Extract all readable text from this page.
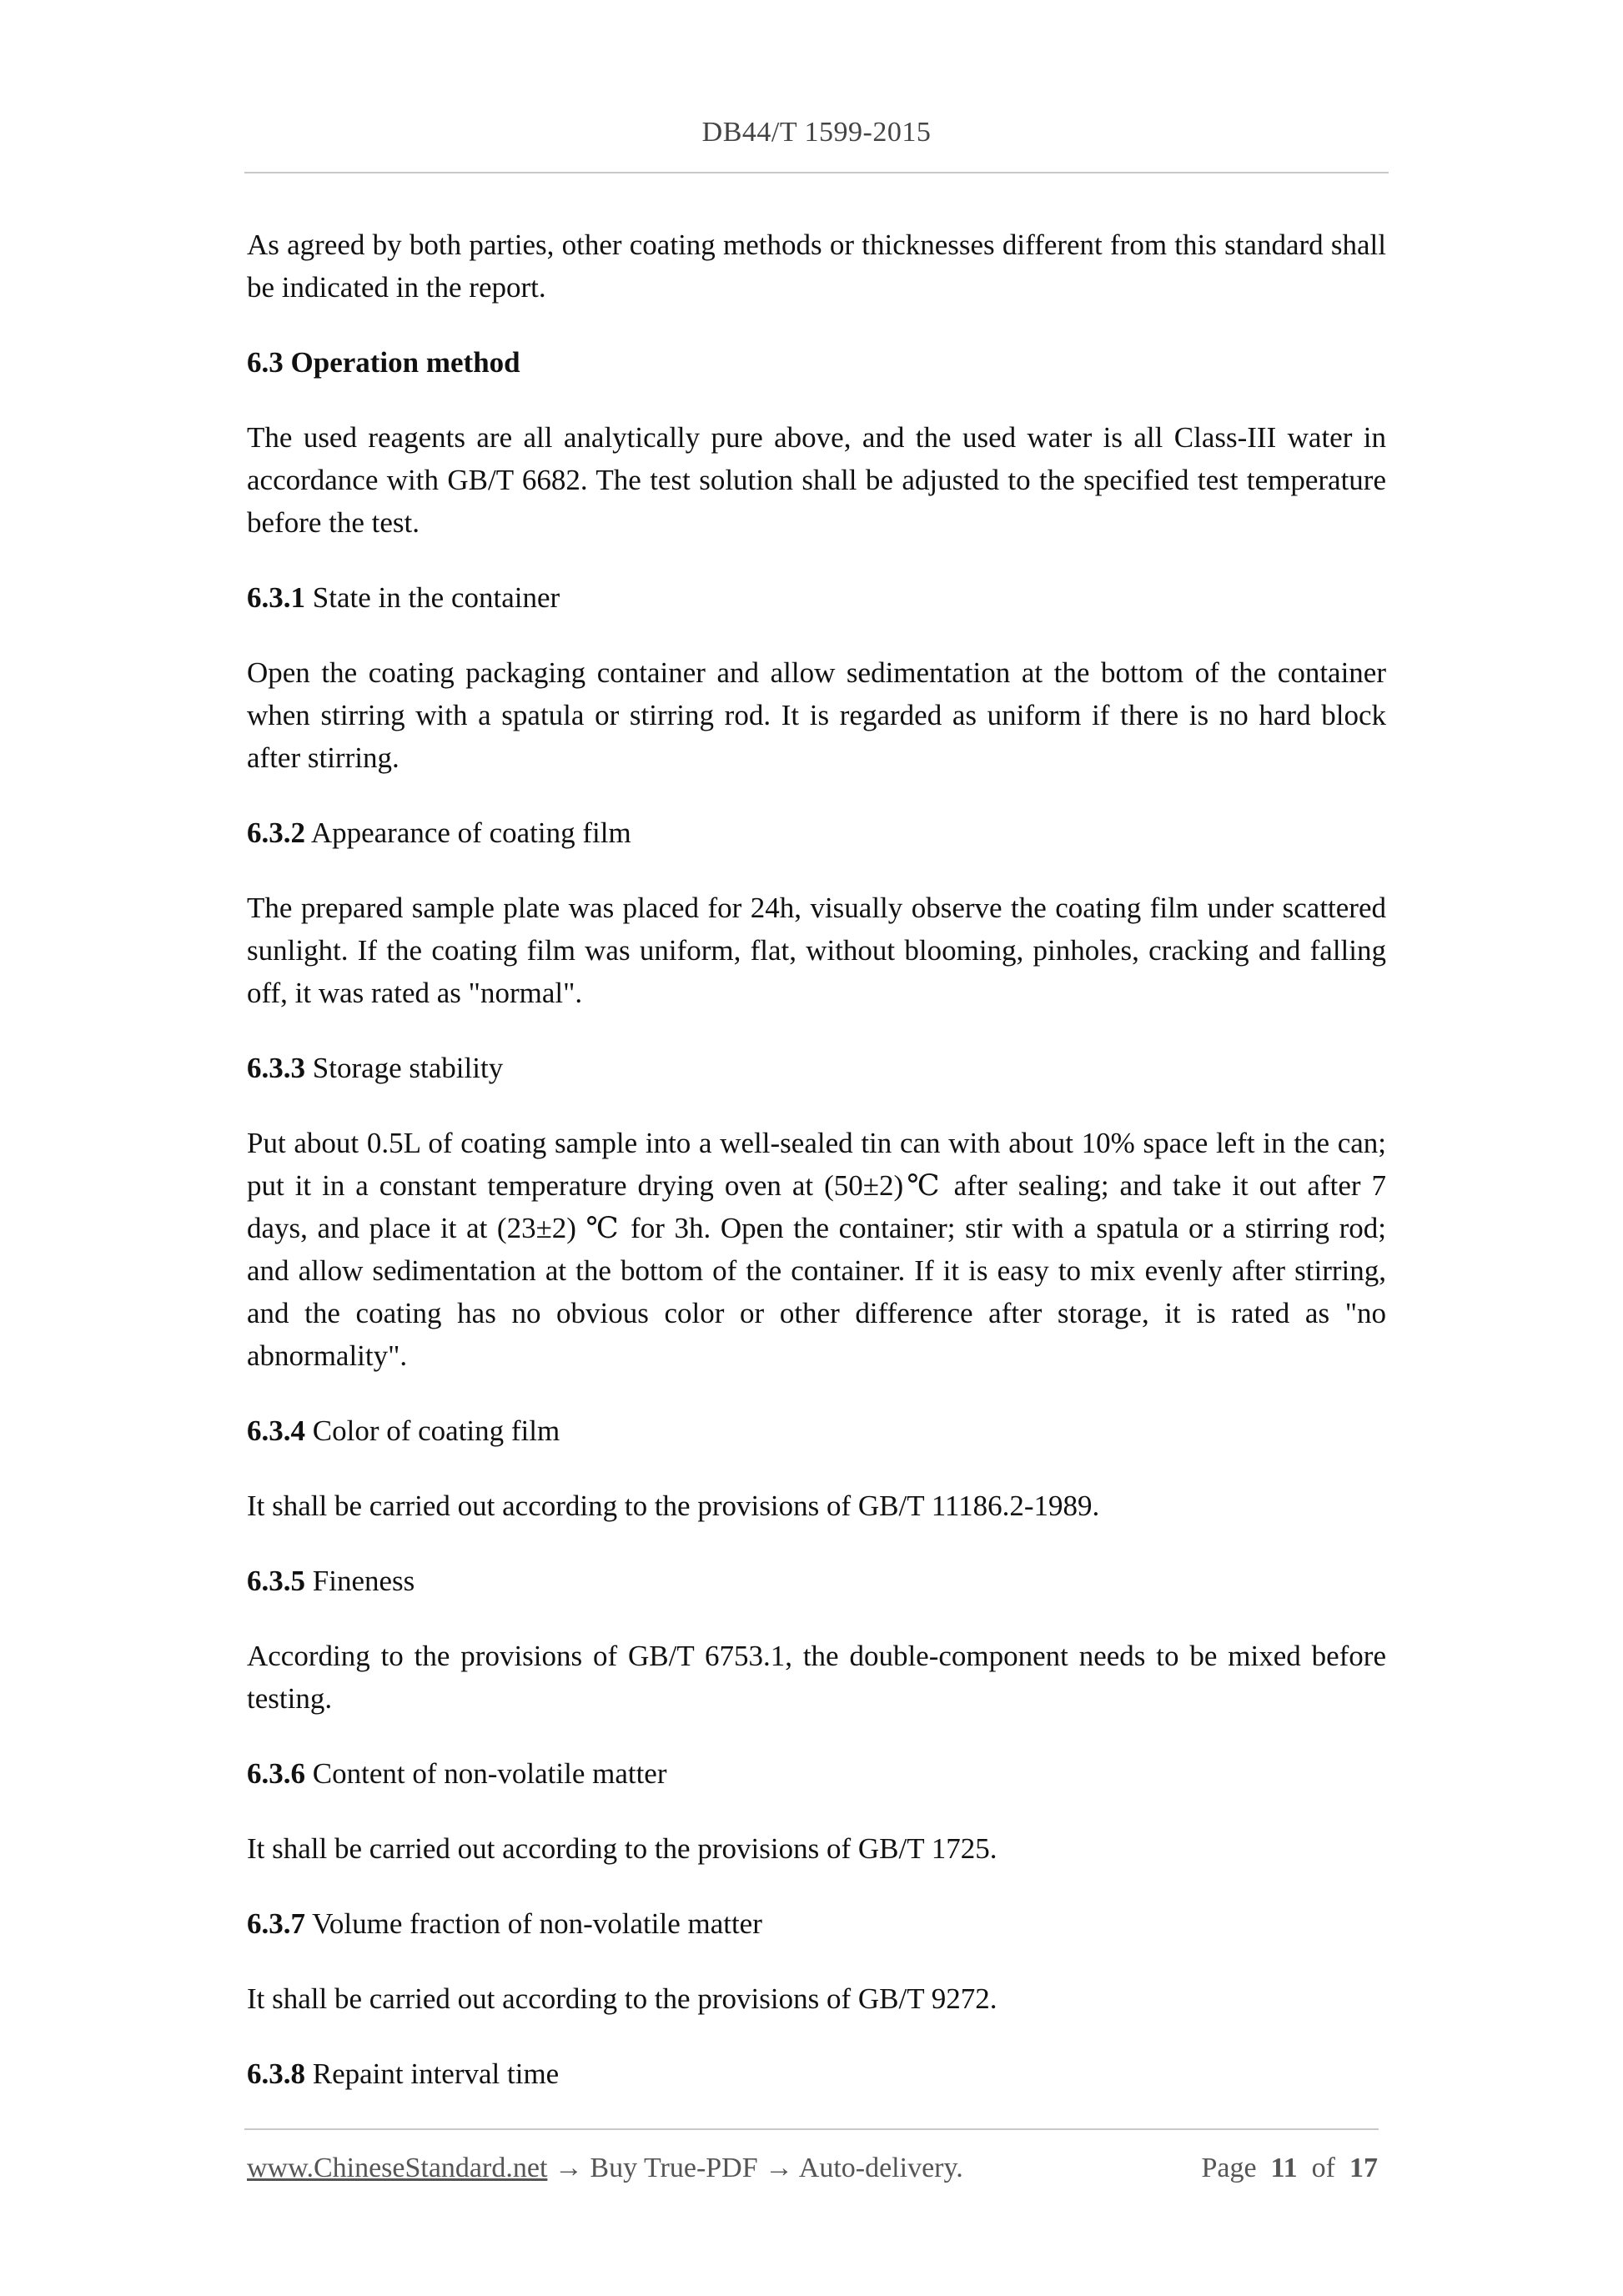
DB44/T 1599-2015

As agreed by both parties, other coating methods or thicknesses different from this standard shall be indicated in the report.

6.3 Operation method

The used reagents are all analytically pure above, and the used water is all Class-III water in accordance with GB/T 6682. The test solution shall be adjusted to the specified test temperature before the test.

6.3.1 State in the container

Open the coating packaging container and allow sedimentation at the bottom of the container when stirring with a spatula or stirring rod. It is regarded as uniform if there is no hard block after stirring.

6.3.2 Appearance of coating film

The prepared sample plate was placed for 24h, visually observe the coating film under scattered sunlight. If the coating film was uniform, flat, without blooming, pinholes, cracking and falling off, it was rated as "normal".

6.3.3 Storage stability

Put about 0.5L of coating sample into a well-sealed tin can with about 10% space left in the can; put it in a constant temperature drying oven at (50±2)℃ after sealing; and take it out after 7 days, and place it at (23±2) ℃ for 3h. Open the container; stir with a spatula or a stirring rod; and allow sedimentation at the bottom of the container. If it is easy to mix evenly after stirring, and the coating has no obvious color or other difference after storage, it is rated as "no abnormality".

6.3.4 Color of coating film

It shall be carried out according to the provisions of GB/T 11186.2-1989.

6.3.5 Fineness

According to the provisions of GB/T 6753.1, the double-component needs to be mixed before testing.

6.3.6 Content of non-volatile matter

It shall be carried out according to the provisions of GB/T 1725.

6.3.7 Volume fraction of non-volatile matter

It shall be carried out according to the provisions of GB/T 9272.

6.3.8 Repaint interval time

www.ChineseStandard.net → Buy True-PDF → Auto-delivery.	Page 11 of 17
